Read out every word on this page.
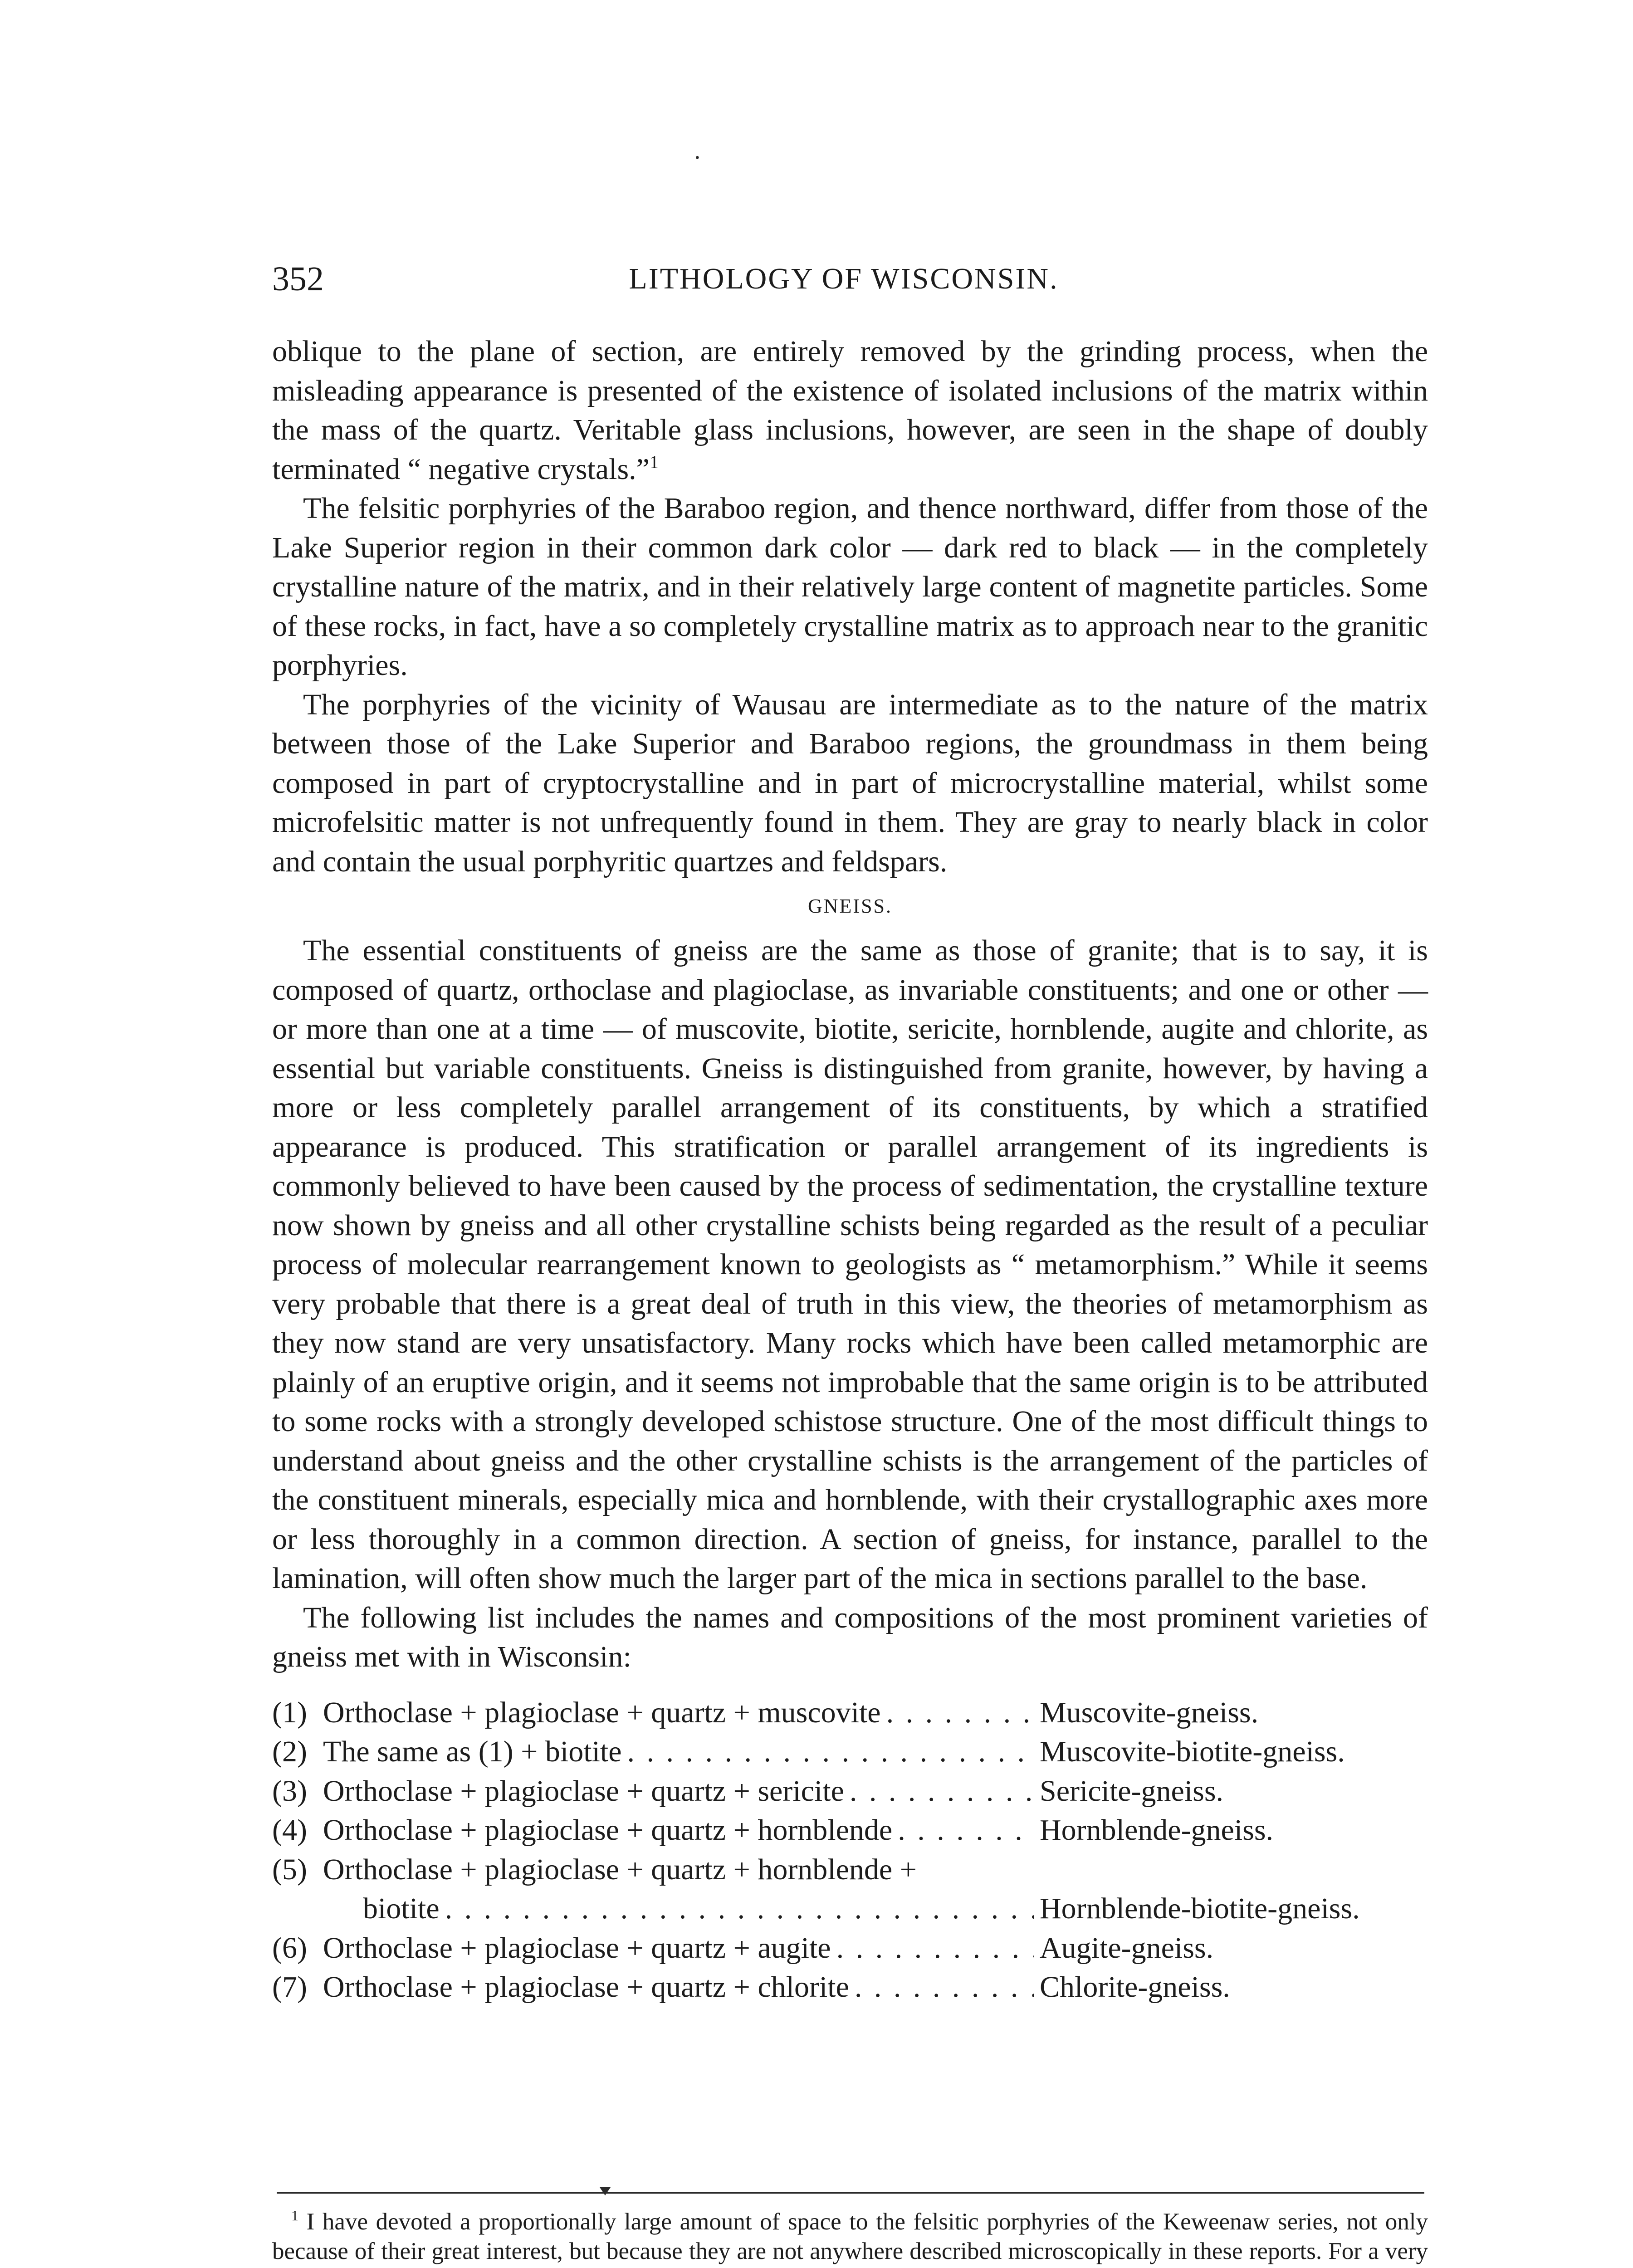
·
352	LITHOLOGY OF WISCONSIN.

oblique to the plane of section, are entirely removed by the grinding process, when the misleading appearance is presented of the existence of isolated inclusions of the matrix within the mass of the quartz. Veritable glass inclusions, however, are seen in the shape of doubly terminated “ negative crystals.”$^1$

The felsitic porphyries of the Baraboo region, and thence northward, differ from those of the Lake Superior region in their common dark color — dark red to black — in the completely crystalline nature of the matrix, and in their relatively large content of magnetite particles. Some of these rocks, in fact, have a so completely crystalline matrix as to approach near to the granitic porphyries.

The porphyries of the vicinity of Wausau are intermediate as to the nature of the matrix between those of the Lake Superior and Baraboo regions, the groundmass in them being composed in part of cryptocrystalline and in part of microcrystalline material, whilst some microfelsitic matter is not unfrequently found in them. They are gray to nearly black in color and contain the usual porphyritic quartzes and feldspars.

GNEISS.

The essential constituents of gneiss are the same as those of granite; that is to say, it is composed of quartz, orthoclase and plagioclase, as invariable constituents; and one or other — or more than one at a time — of muscovite, biotite, sericite, hornblende, augite and chlorite, as essential but variable constituents. Gneiss is distinguished from granite, however, by having a more or less completely parallel arrangement of its constituents, by which a stratified appearance is produced. This stratification or parallel arrangement of its ingredients is commonly believed to have been caused by the process of sedimentation, the crystalline texture now shown by gneiss and all other crystalline schists being regarded as the result of a peculiar process of molecular rearrangement known to geologists as “ metamorphism.” While it seems very probable that there is a great deal of truth in this view, the theories of metamorphism as they now stand are very unsatisfactory. Many rocks which have been called metamorphic are plainly of an eruptive origin, and it seems not improbable that the same origin is to be attributed to some rocks with a strongly developed schistose structure. One of the most difficult things to understand about gneiss and the other crystalline schists is the arrangement of the particles of the constituent minerals, especially mica and hornblende, with their crystallographic axes more or less thoroughly in a common direction. A section of gneiss, for instance, parallel to the lamination, will often show much the larger part of the mica in sections parallel to the base.

The following list includes the names and compositions of the most prominent varieties of gneiss met with in Wisconsin:

(1) Orthoclase + plagioclase + quartz + muscovite . . .	Muscovite-gneiss.
(2) The same as (1) + biotite . . .	Muscovite-biotite-gneiss.
(3) Orthoclase + plagioclase + quartz + sericite . . .	Sericite-gneiss.
(4) Orthoclase + plagioclase + quartz + hornblende . . .	Hornblende-gneiss.
(5) Orthoclase + plagioclase + quartz + hornblende +
biotite . . .	Hornblende-biotite-gneiss.
(6) Orthoclase + plagioclase + quartz + augite . . .	Augite-gneiss.
(7) Orthoclase + plagioclase + quartz + chlorite . . .	Chlorite-gneiss.

$^1$ I have devoted a proportionally large amount of space to the felsitic porphyries of the Keweenaw series, not only because of their great interest, but because they are not anywhere described microscopically in these reports. For a very
